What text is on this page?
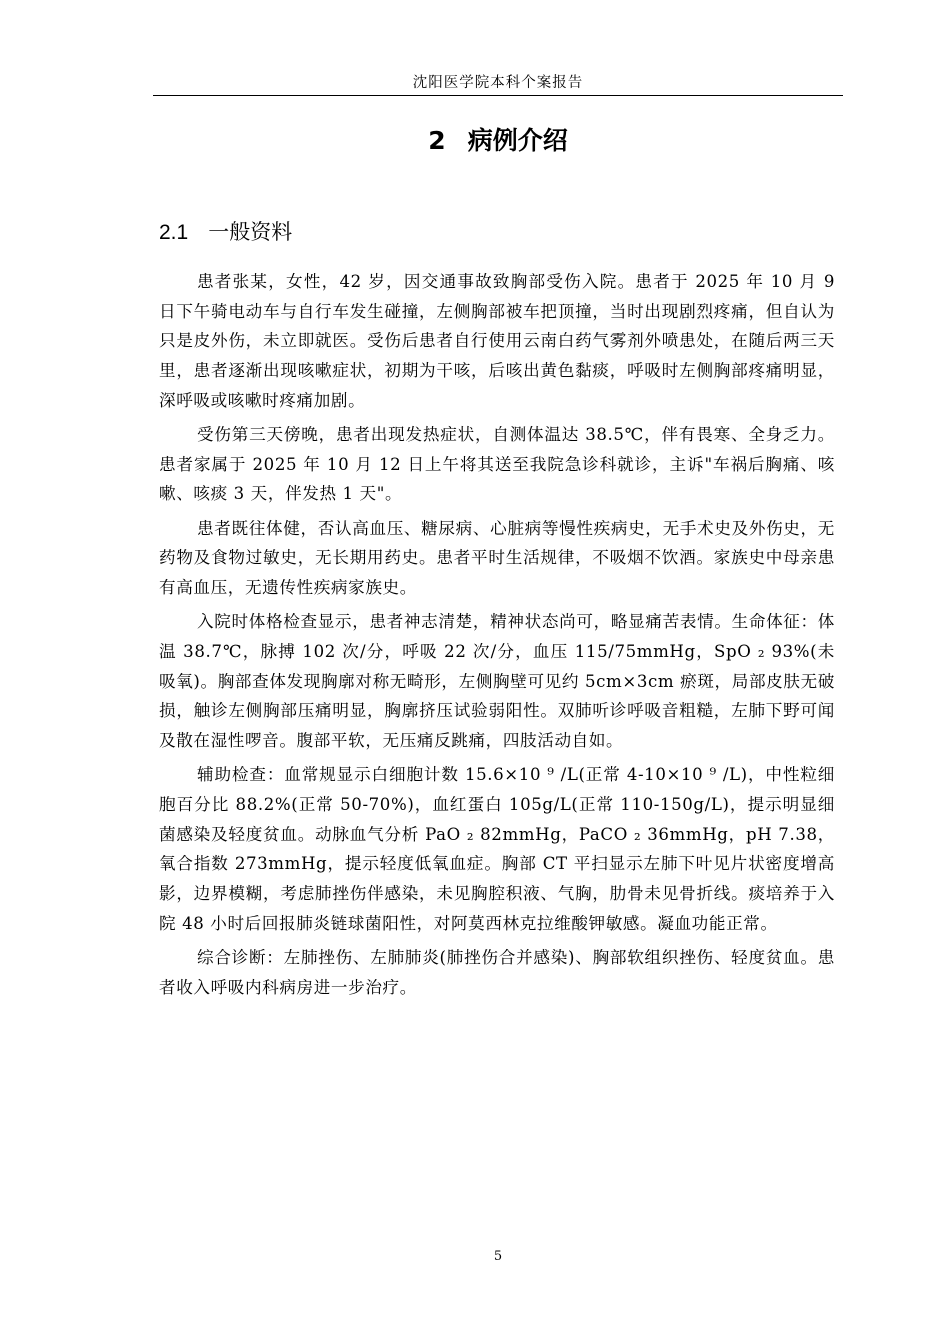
沈阳医学院本科个案报告
2 病例介绍
2.1 一般资料

患者张某，女性，42 岁，因交通事故致胸部受伤入院。患者于 2025 年 10 月 9 日下午骑电动车与自行车发生碰撞，左侧胸部被车把顶撞，当时出现剧烈疼痛，但自认为只是皮外伤，未立即就医。受伤后患者自行使用云南白药气雾剂外喷患处，在随后两三天里，患者逐渐出现咳嗽症状，初期为干咳，后咳出黄色黏痰，呼吸时左侧胸部疼痛明显，深呼吸或咳嗽时疼痛加剧。

受伤第三天傍晚，患者出现发热症状，自测体温达 38.5℃，伴有畏寒、全身乏力。患者家属于 2025 年 10 月 12 日上午将其送至我院急诊科就诊，主诉"车祸后胸痛、咳嗽、咳痰 3 天，伴发热 1 天"。

患者既往体健，否认高血压、糖尿病、心脏病等慢性疾病史，无手术史及外伤史，无药物及食物过敏史，无长期用药史。患者平时生活规律，不吸烟不饮酒。家族史中母亲患有高血压，无遗传性疾病家族史。

入院时体格检查显示，患者神志清楚，精神状态尚可，略显痛苦表情。生命体征：体温 38.7℃，脉搏 102 次/分，呼吸 22 次/分，血压 115/75mmHg，SpO ₂ 93%(未吸氧)。胸部查体发现胸廓对称无畸形，左侧胸壁可见约 5cm×3cm 瘀斑，局部皮肤无破损，触诊左侧胸部压痛明显，胸廓挤压试验弱阳性。双肺听诊呼吸音粗糙，左肺下野可闻及散在湿性啰音。腹部平软，无压痛反跳痛，四肢活动自如。

辅助检查：血常规显示白细胞计数 15.6×10 ⁹ /L(正常 4-10×10 ⁹ /L)，中性粒细胞百分比 88.2%(正常 50-70%)，血红蛋白 105g/L(正常 110-150g/L)，提示明显细菌感染及轻度贫血。动脉血气分析 PaO ₂ 82mmHg，PaCO ₂ 36mmHg，pH 7.38，氧合指数 273mmHg，提示轻度低氧血症。胸部 CT 平扫显示左肺下叶见片状密度增高影，边界模糊，考虑肺挫伤伴感染，未见胸腔积液、气胸，肋骨未见骨折线。痰培养于入院 48 小时后回报肺炎链球菌阳性，对阿莫西林克拉维酸钾敏感。凝血功能正常。

综合诊断：左肺挫伤、左肺肺炎(肺挫伤合并感染)、胸部软组织挫伤、轻度贫血。患者收入呼吸内科病房进一步治疗。

5
